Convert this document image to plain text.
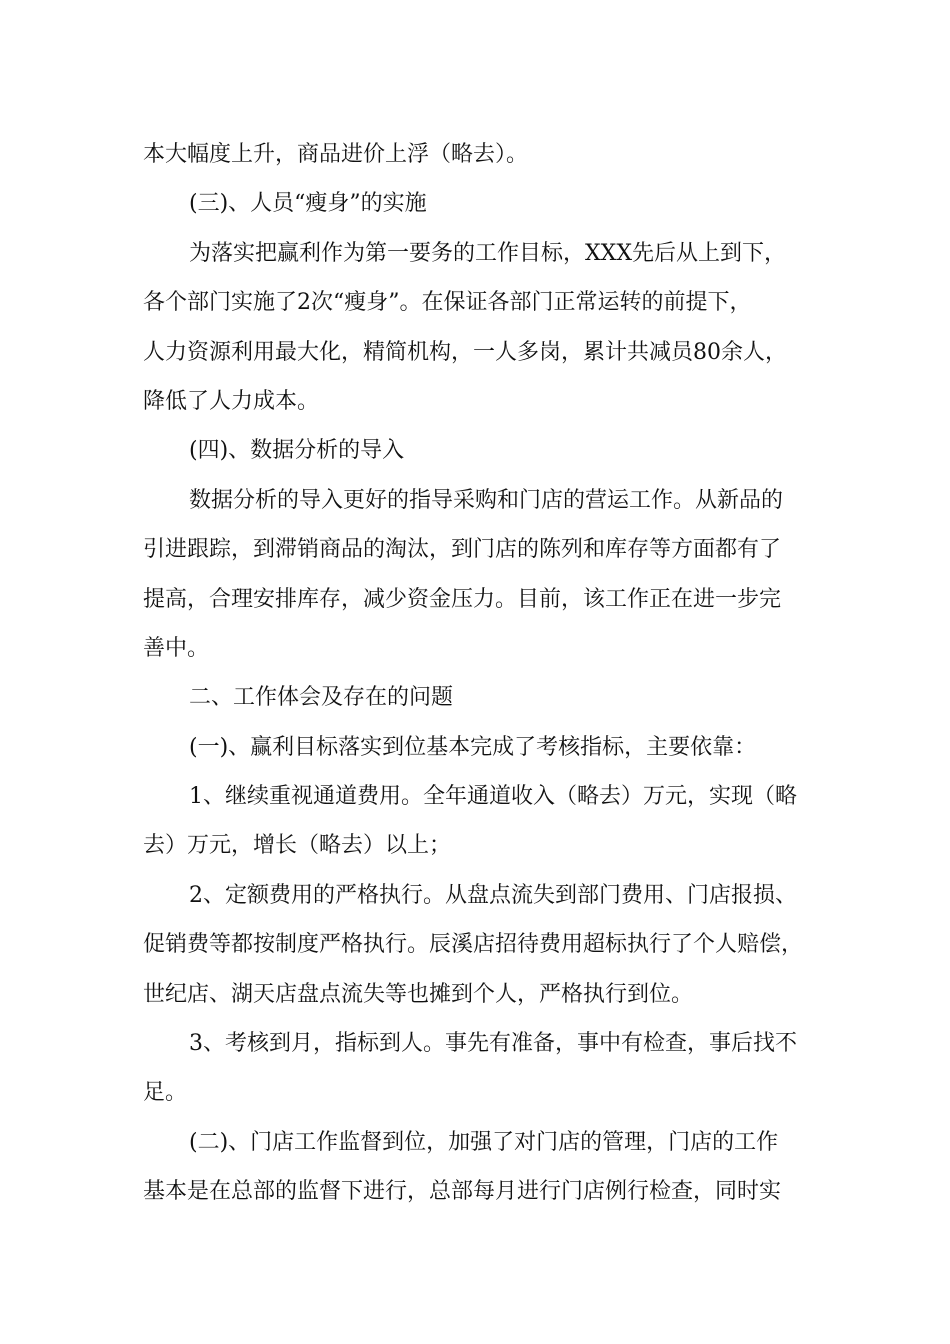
本大幅度上升，商品进价上浮（略去）。
(三)、人员“瘦身”的实施
为落实把赢利作为第一要务的工作目标，XXX先后从上到下，
各个部门实施了2次“瘦身”。在保证各部门正常运转的前提下，
人力资源利用最大化，精简机构，一人多岗，累计共减员80余人，
降低了人力成本。
(四)、数据分析的导入
数据分析的导入更好的指导采购和门店的营运工作。从新品的
引进跟踪，到滞销商品的淘汰，到门店的陈列和库存等方面都有了
提高，合理安排库存，减少资金压力。目前，该工作正在进一步完
善中。
二、工作体会及存在的问题
(一)、赢利目标落实到位基本完成了考核指标，主要依靠：
1、继续重视通道费用。全年通道收入（略去）万元，实现（略
去）万元，增长（略去）以上；
2、定额费用的严格执行。从盘点流失到部门费用、门店报损、
促销费等都按制度严格执行。辰溪店招待费用超标执行了个人赔偿，
世纪店、湖天店盘点流失等也摊到个人，严格执行到位。
3、考核到月，指标到人。事先有准备，事中有检查，事后找不
足。
(二)、门店工作监督到位，加强了对门店的管理，门店的工作
基本是在总部的监督下进行，总部每月进行门店例行检查，同时实
